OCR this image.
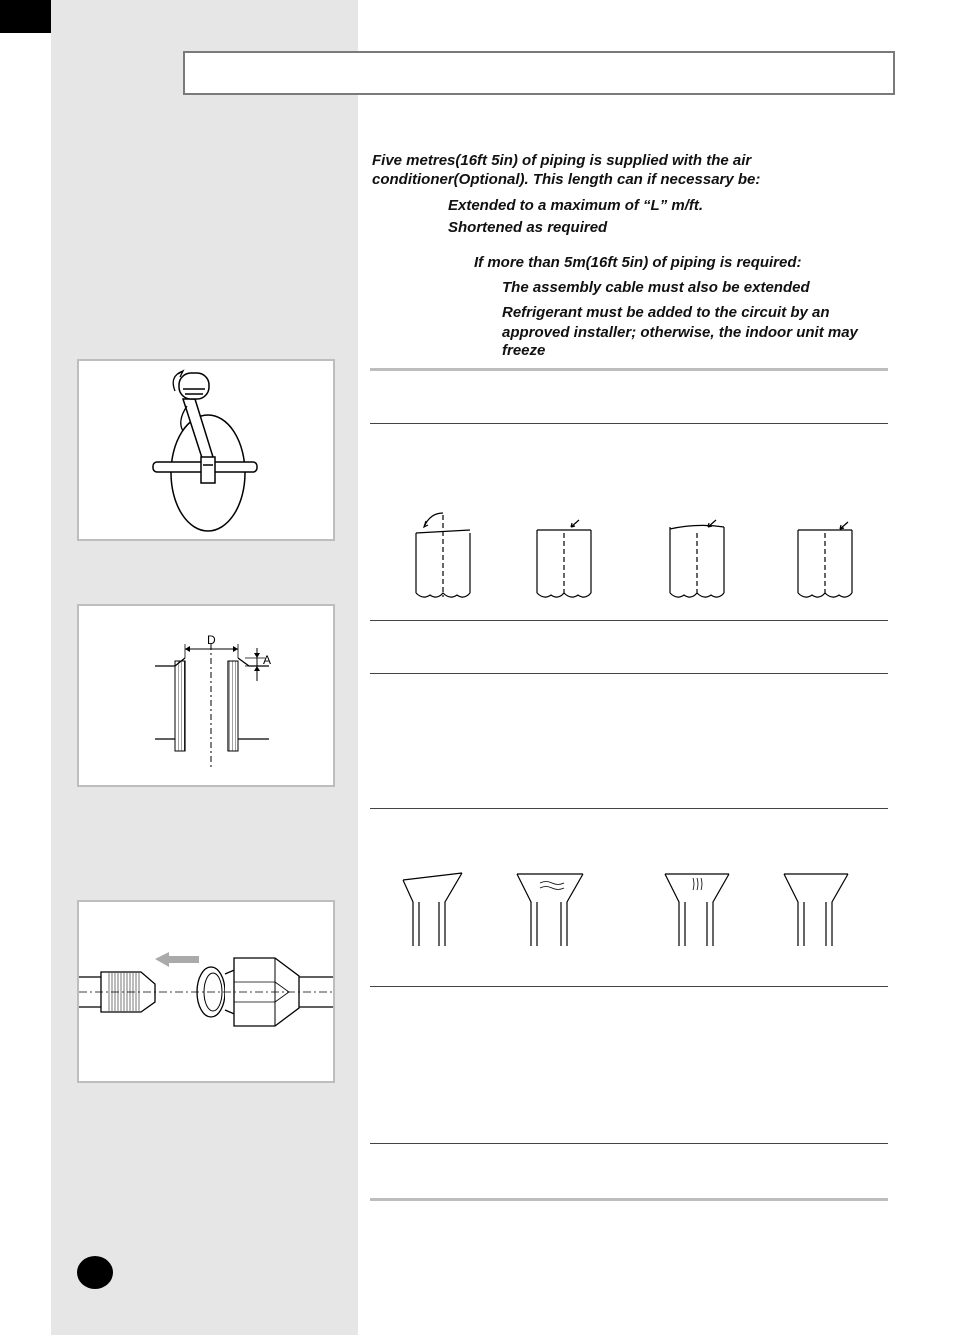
D
A
Five metres(16ft 5in) of piping is supplied with the air
conditioner(Optional). This length can if necessary be:
Extended to a maximum of “L” m/ft.
Shortened as required
If more than 5m(16ft 5in) of piping is required:
The assembly cable must also be extended
Refrigerant must be added to the circuit by an
approved installer; otherwise, the indoor unit may
freeze
